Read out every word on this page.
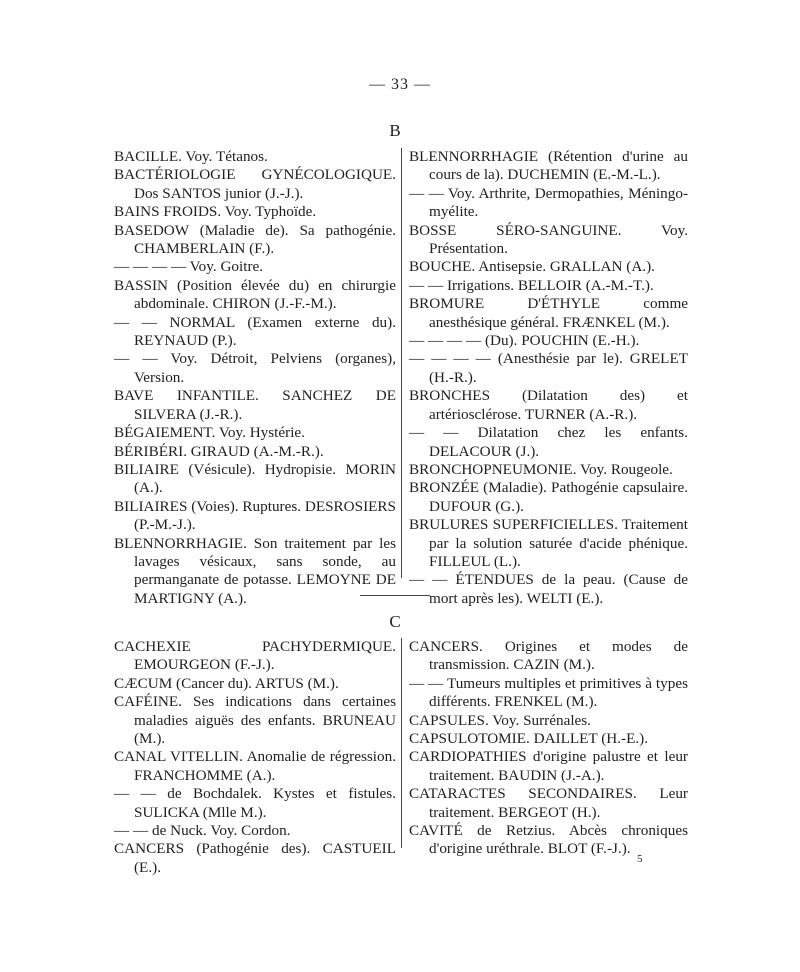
— 33 —
B
BACILLE. Voy. Tétanos.
BACTÉRIOLOGIE GYNÉCOLOGIQUE. Dos SANTOS junior (J.-J.).
BAINS FROIDS. Voy. Typhoïde.
BASEDOW (Maladie de). Sa pathogénie. CHAMBERLAIN (F.).
— — — — Voy. Goitre.
BASSIN (Position élevée du) en chirurgie abdominale. CHIRON (J.-F.-M.).
— — NORMAL (Examen externe du). REYNAUD (P.).
— — Voy. Détroit, Pelviens (organes), Version.
BAVE INFANTILE. SANCHEZ DE SILVERA (J.-R.).
BÉGAIEMENT. Voy. Hystérie.
BÉRIBÉRI. GIRAUD (A.-M.-R.).
BILIAIRE (Vésicule). Hydropisie. MORIN (A.).
BILIAIRES (Voies). Ruptures. DESROSIERS (P.-M.-J.).
BLENNORRHAGIE. Son traitement par les lavages vésicaux, sans sonde, au permanganate de potasse. LEMOYNE DE MARTIGNY (A.).
BLENNORRHAGIE (Rétention d'urine au cours de la). DUCHEMIN (E.-M.-L.).
— — Voy. Arthrite, Dermopathies, Méningo-myélite.
BOSSE SÉRO-SANGUINE. Voy. Présentation.
BOUCHE. Antisepsie. GRALLAN (A.).
— — Irrigations. BELLOIR (A.-M.-T.).
BROMURE D'ÉTHYLE comme anesthésique général. FRÆNKEL (M.).
— — — — (Du). POUCHIN (E.-H.).
— — — — (Anesthésie par le). GRELET (H.-R.).
BRONCHES (Dilatation des) et artériosclérose. TURNER (A.-R.).
— — Dilatation chez les enfants. DELACOUR (J.).
BRONCHOPNEUMONIE. Voy. Rougeole.
BRONZÉE (Maladie). Pathogénie capsulaire. DUFOUR (G.).
BRULURES SUPERFICIELLES. Traitement par la solution saturée d'acide phénique. FILLEUL (L.).
— — ÉTENDUES de la peau. (Cause de mort après les). WELTI (E.).
C
CACHEXIE PACHYDERMIQUE. EMOURGEON (F.-J.).
CÆCUM (Cancer du). ARTUS (M.).
CAFÉINE. Ses indications dans certaines maladies aiguës des enfants. BRUNEAU (M.).
CANAL VITELLIN. Anomalie de régression. FRANCHOMME (A.).
— — de Bochdalek. Kystes et fistules. SULICKA (Mlle M.).
— — de Nuck. Voy. Cordon.
CANCERS (Pathogénie des). CASTUEIL (E.).
CANCERS. Origines et modes de transmission. CAZIN (M.).
— — Tumeurs multiples et primitives à types différents. FRENKEL (M.).
CAPSULES. Voy. Surrénales.
CAPSULOTOMIE. DAILLET (H.-E.).
CARDIOPATHIES d'origine palustre et leur traitement. BAUDIN (J.-A.).
CATARACTES SECONDAIRES. Leur traitement. BERGEOT (H.).
CAVITÉ de Retzius. Abcès chroniques d'origine uréthrale. BLOT (F.-J.).
5
